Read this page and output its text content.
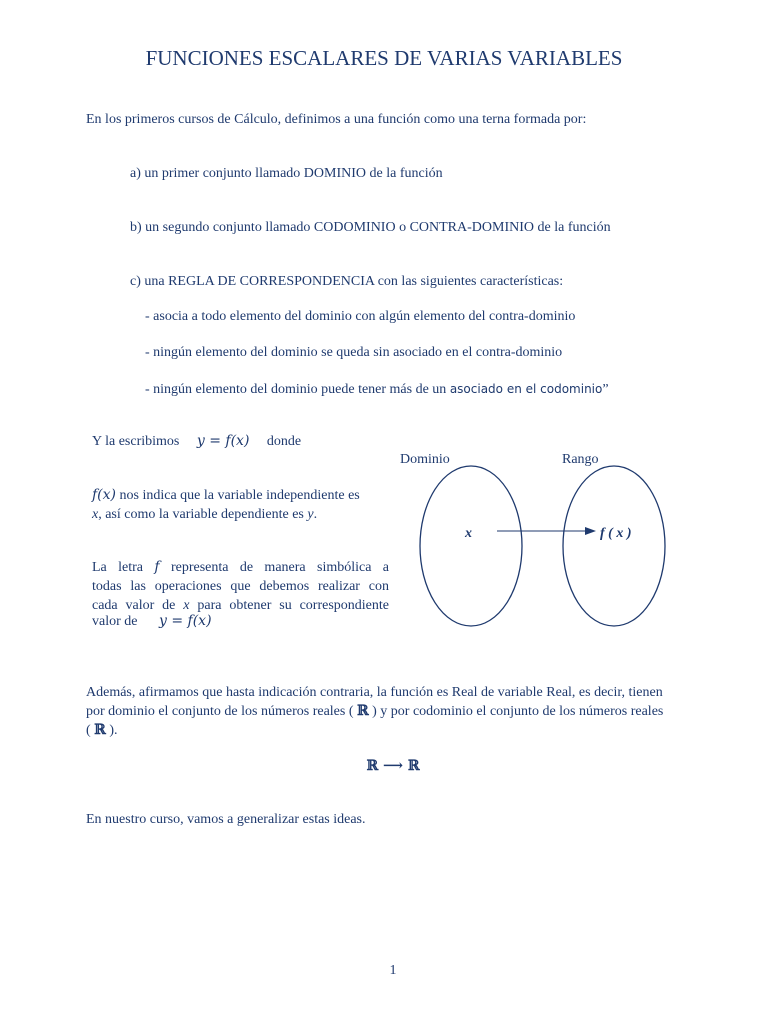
FUNCIONES ESCALARES DE VARIAS VARIABLES
En los primeros cursos de Cálculo, definimos a una función como una terna formada por:
a) un primer conjunto llamado DOMINIO de la función
b) un segundo conjunto llamado CODOMINIO o CONTRA-DOMINIO de la función
c) una REGLA DE CORRESPONDENCIA con las siguientes características:
- asocia a todo elemento del dominio con algún elemento del contra-dominio
- ningún elemento del dominio se queda sin asociado en el contra-dominio
- ningún elemento del dominio puede tener más de un asociado en el codominio”
Y la escribimos y = f(x) donde
f(x) nos indica que la variable independiente es
x, así como la variable dependiente es y.
La letra f representa de manera simbólica a
todas las operaciones que debemos realizar con
cada valor de x para obtener su correspondiente
valor de y = f(x)
Dominio	Rango
x	f ( x )
Además, afirmamos que hasta indicación contraria, la función es Real de variable Real, es decir, tienen
por dominio el conjunto de los números reales ( ℝ ) y por codominio el conjunto de los números reales
( ℝ ).
ℝ ⟶ ℝ
En nuestro curso, vamos a generalizar estas ideas.
1
